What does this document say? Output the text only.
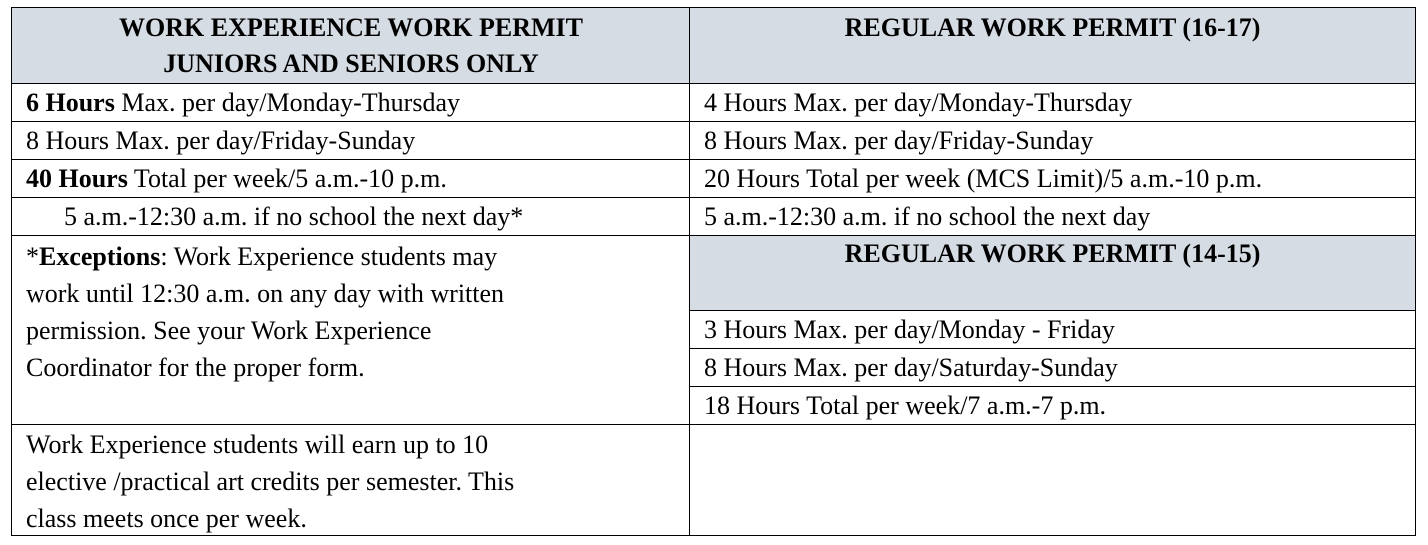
WORK EXPERIENCE WORK PERMIT
JUNIORS AND SENIORS ONLY
REGULAR WORK PERMIT (16-17)
REGULAR WORK PERMIT (14-15)
6 Hours Max. per day/Monday-Thursday
8 Hours Max. per day/Friday-Sunday
40 Hours Total per week/5 a.m.-10 p.m.
5 a.m.-12:30 a.m. if no school the next day*
*Exceptions: Work Experience students may
work until 12:30 a.m. on any day with written
permission. See your Work Experience
Coordinator for the proper form.
Work Experience students will earn up to 10
elective /practical art credits per semester. This
class meets once per week.
4 Hours Max. per day/Monday-Thursday
8 Hours Max. per day/Friday-Sunday
20 Hours Total per week (MCS Limit)/5 a.m.-10 p.m.
5 a.m.-12:30 a.m. if no school the next day
3 Hours Max. per day/Monday - Friday
8 Hours Max. per day/Saturday-Sunday
18 Hours Total per week/7 a.m.-7 p.m.
